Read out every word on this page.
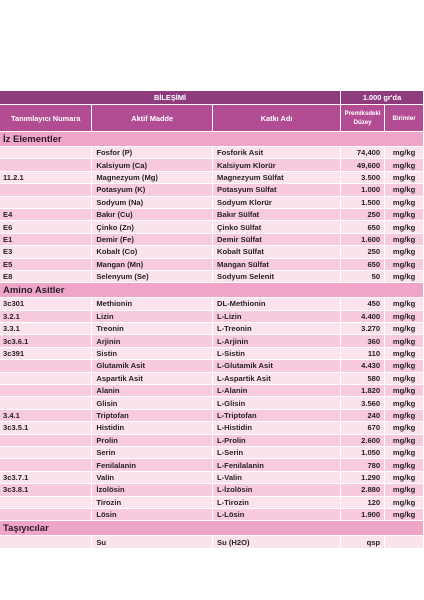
BİLEŞİMİ			1.000 gr'da	
Tanımlayıcı Numara	Aktif Madde	Katkı Adı	Premiksdeki Düzey	Birimler
İz Elementler				
	Fosfor (P)	Fosforik Asit	74,400	mg/kg
	Kalsiyum (Ca)	Kalsiyum Klorür	49,600	mg/kg
11.2.1	Magnezyum (Mg)	Magnezyum Sülfat	3.500	mg/kg
	Potasyum (K)	Potasyum Sülfat	1.000	mg/kg
	Sodyum (Na)	Sodyum Klorür	1.500	mg/kg
E4	Bakır (Cu)	Bakır Sülfat	250	mg/kg
E6	Çinko (Zn)	Çinko Sülfat	650	mg/kg
E1	Demir (Fe)	Demir Sülfat	1.600	mg/kg
E3	Kobalt (Co)	Kobalt Sülfat	250	mg/kg
E5	Mangan (Mn)	Mangan Sülfat	650	mg/kg
E8	Selenyum (Se)	Sodyum Selenit	50	mg/kg
Amino Asitler				
3c301	Methionin	DL-Methionin	450	mg/kg
3.2.1	Lizin	L-Lizin	4.400	mg/kg
3.3.1	Treonin	L-Treonin	3.270	mg/kg
3c3.6.1	Arjinin	L-Arjinin	360	mg/kg
3c391	Sistin	L-Sistin	110	mg/kg
	Glutamik Asit	L-Glutamik Asit	4.430	mg/kg
	Aspartik Asit	L-Aspartik Asit	580	mg/kg
	Alanin	L-Alanin	1.820	mg/kg
	Glisin	L-Glisin	3.560	mg/kg
3.4.1	Triptofan	L-Triptofan	240	mg/kg
3c3.5.1	Histidin	L-Histidin	670	mg/kg
	Prolin	L-Prolin	2.600	mg/kg
	Serin	L-Serin	1.050	mg/kg
	Fenilalanin	L-Fenilalanin	780	mg/kg
3c3.7.1	Valin	L-Valin	1.290	mg/kg
3c3.8.1	İzolösin	L-İzolösin	2.880	mg/kg
	Tirozin	L-Tirozin	120	mg/kg
	Lösin	L-Lösin	1.900	mg/kg
Taşıyıcılar				
	Su	Su (H2O)	qsp	
